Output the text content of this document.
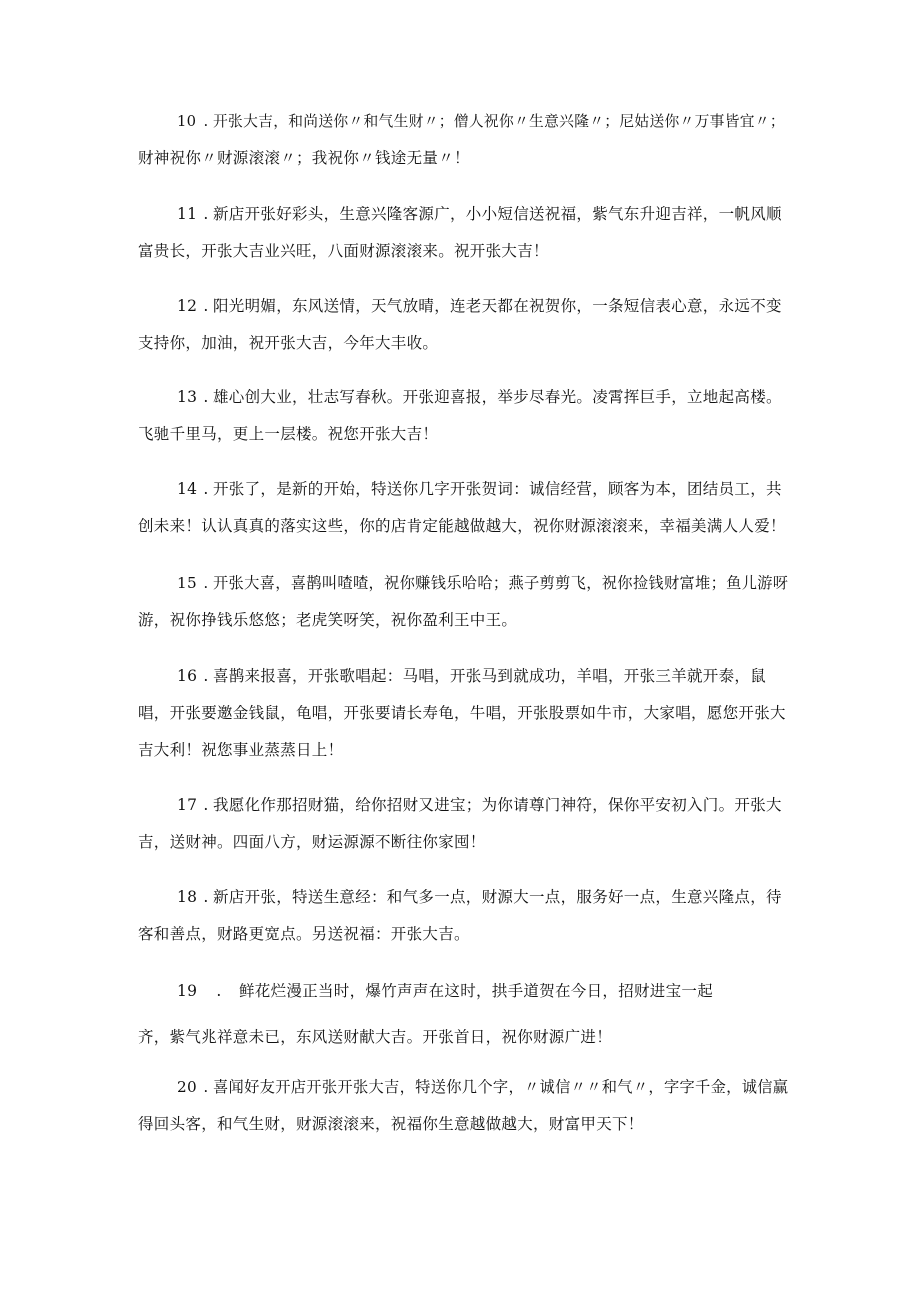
10 . 开张大吉，和尚送你〃和气生财〃；僧人祝你〃生意兴隆〃；尼姑送你〃万事皆宜〃；
财神祝你〃财源滚滚〃；我祝你〃钱途无量〃！
11 . 新店开张好彩头，生意兴隆客源广，小小短信送祝福，紫气东升迎吉祥，一帆风顺
富贵长，开张大吉业兴旺，八面财源滚滚来。祝开张大吉！
12 . 阳光明媚，东风送情，天气放晴，连老天都在祝贺你，一条短信表心意，永远不变
支持你，加油，祝开张大吉，今年大丰收。
13 . 雄心创大业，壮志写春秋。开张迎喜报，举步尽春光。凌霄挥巨手，立地起高楼。
飞驰千里马，更上一层楼。祝您开张大吉！
14 . 开张了，是新的开始，特送你几字开张贺词：诚信经营，顾客为本，团结员工，共
创未来！认认真真的落实这些，你的店肯定能越做越大，祝你财源滚滚来，幸福美满人人爱！
15 . 开张大喜，喜鹊叫喳喳，祝你赚钱乐哈哈；燕子剪剪飞，祝你捡钱财富堆；鱼儿游呀
游，祝你挣钱乐悠悠；老虎笑呀笑，祝你盈利王中王。
16 . 喜鹊来报喜，开张歌唱起：马唱，开张马到就成功，羊唱，开张三羊就开泰，鼠
唱，开张要邀金钱鼠，龟唱，开张要请长寿龟，牛唱，开张股票如牛市，大家唱，愿您开张大
吉大利！祝您事业蒸蒸日上！
17 . 我愿化作那招财猫，给你招财又进宝；为你请尊门神符，保你平安初入门。开张大
吉，送财神。四面八方，财运源源不断往你家囤！
18 . 新店开张，特送生意经：和气多一点，财源大一点，服务好一点，生意兴隆点，待
客和善点，财路更宽点。另送祝福：开张大吉。
19 . 鲜花烂漫正当时，爆竹声声在这时，拱手道贺在今日，招财进宝一起
齐，紫气兆祥意未已，东风送财献大吉。开张首日，祝你财源广进！
20 . 喜闻好友开店开张开张大吉，特送你几个字，〃诚信〃〃和气〃，字字千金，诚信赢
得回头客，和气生财，财源滚滚来，祝福你生意越做越大，财富甲天下！
